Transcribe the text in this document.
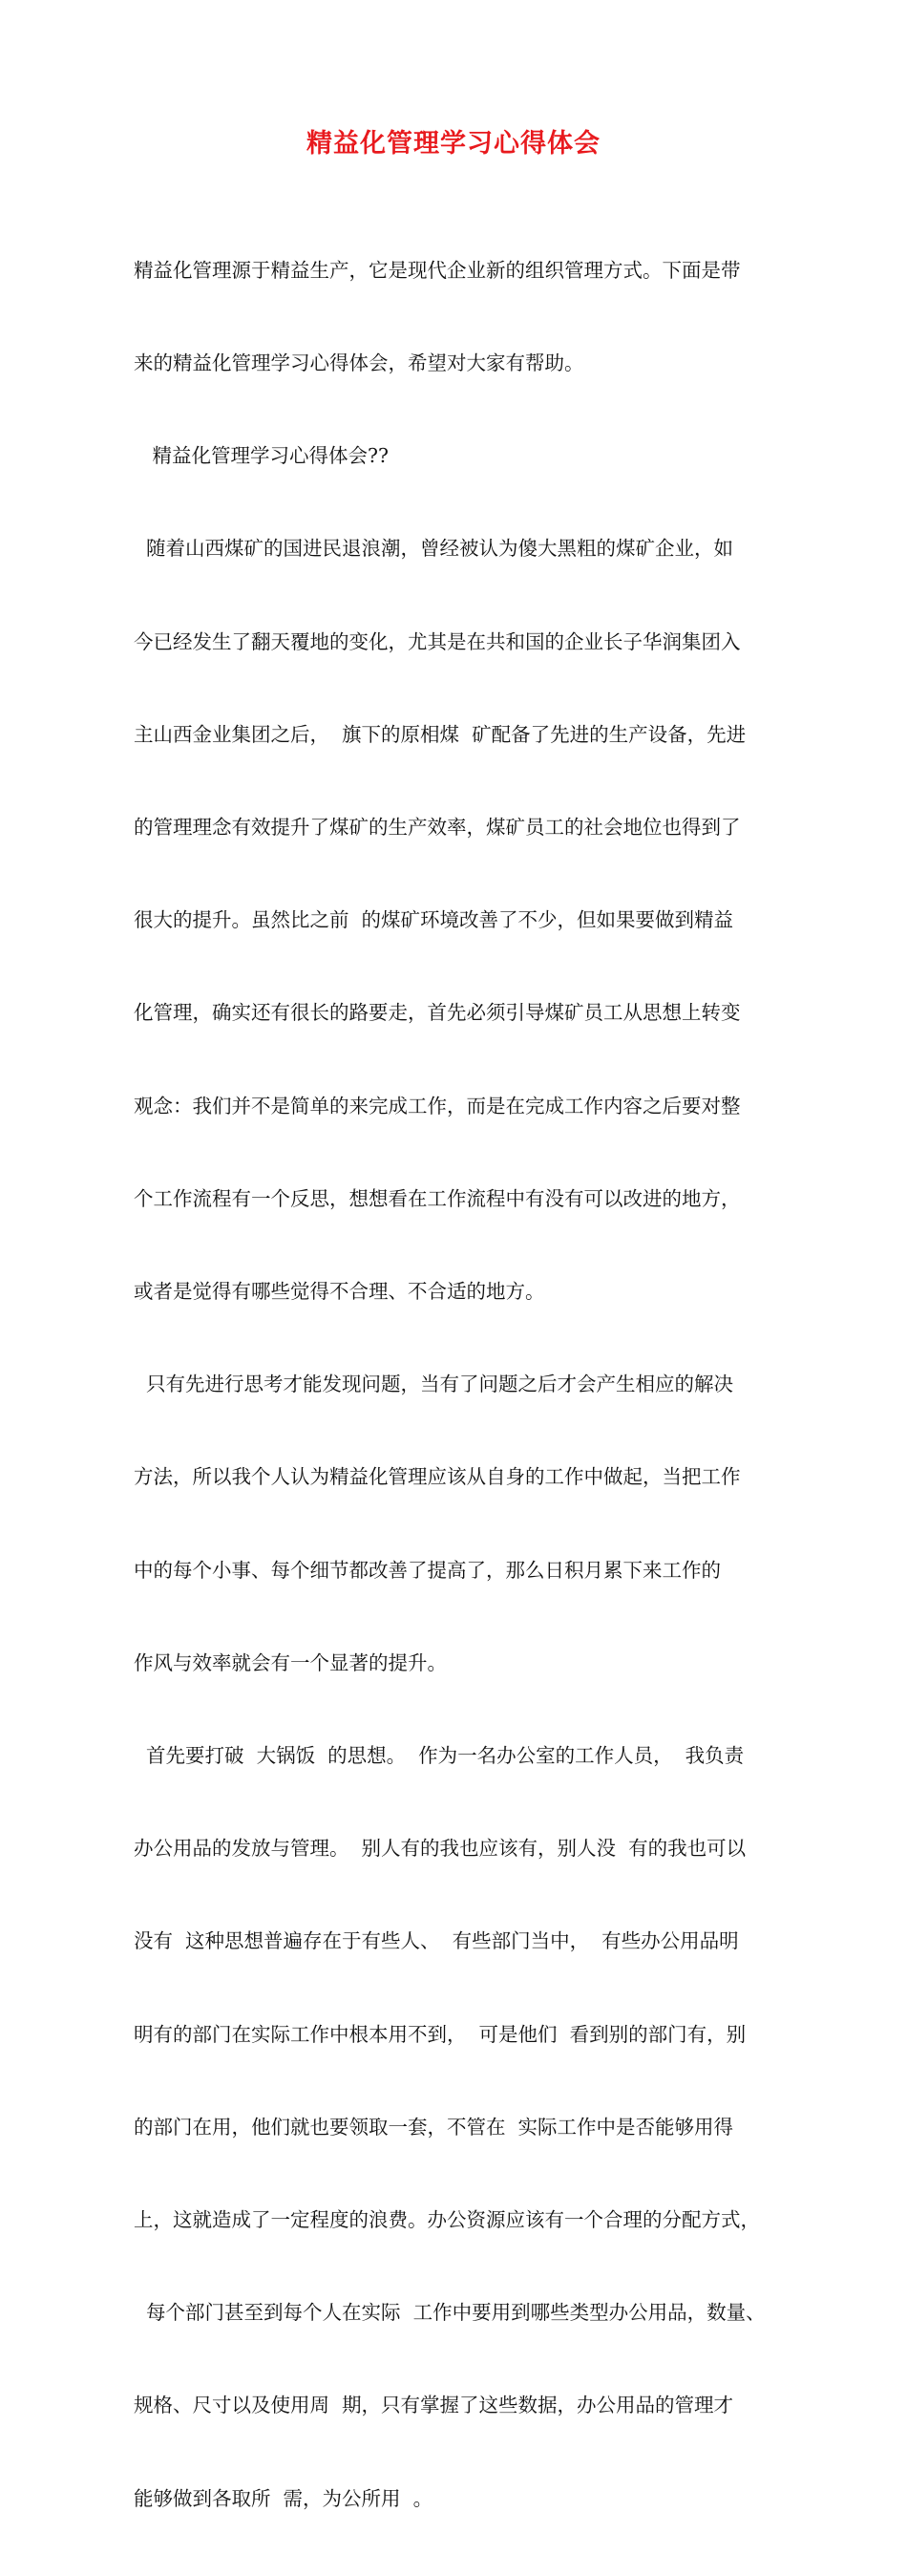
精益化管理学习心得体会

精益化管理源于精益生产，它是现代企业新的组织管理方式。下面是带

来的精益化管理学习心得体会，希望对大家有帮助。

精益化管理学习心得体会??

随着山西煤矿的国进民退浪潮，曾经被认为傻大黑粗的煤矿企业，如

今已经发生了翻天覆地的变化，尤其是在共和国的企业长子华润集团入

主山西金业集团之后，  旗下的原相煤  矿配备了先进的生产设备，先进

的管理理念有效提升了煤矿的生产效率，煤矿员工的社会地位也得到了

很大的提升。虽然比之前  的煤矿环境改善了不少，但如果要做到精益

化管理，确实还有很长的路要走，首先必须引导煤矿员工从思想上转变

观念：我们并不是简单的来完成工作，而是在完成工作内容之后要对整

个工作流程有一个反思，想想看在工作流程中有没有可以改进的地方，

或者是觉得有哪些觉得不合理、不合适的地方。

只有先进行思考才能发现问题，当有了问题之后才会产生相应的解决

方法，所以我个人认为精益化管理应该从自身的工作中做起，当把工作

中的每个小事、每个细节都改善了提高了，那么日积月累下来工作的

作风与效率就会有一个显著的提升。

首先要打破  大锅饭  的思想。  作为一名办公室的工作人员，  我负责

办公用品的发放与管理。  别人有的我也应该有，别人没  有的我也可以

没有  这种思想普遍存在于有些人、  有些部门当中，  有些办公用品明

明有的部门在实际工作中根本用不到，  可是他们  看到别的部门有，别

的部门在用，他们就也要领取一套，不管在  实际工作中是否能够用得

上，这就造成了一定程度的浪费。办公资源应该有一个合理的分配方式，

每个部门甚至到每个人在实际  工作中要用到哪些类型办公用品，数量、

规格、尺寸以及使用周  期，只有掌握了这些数据，办公用品的管理才

能够做到各取所  需，为公所用  。
